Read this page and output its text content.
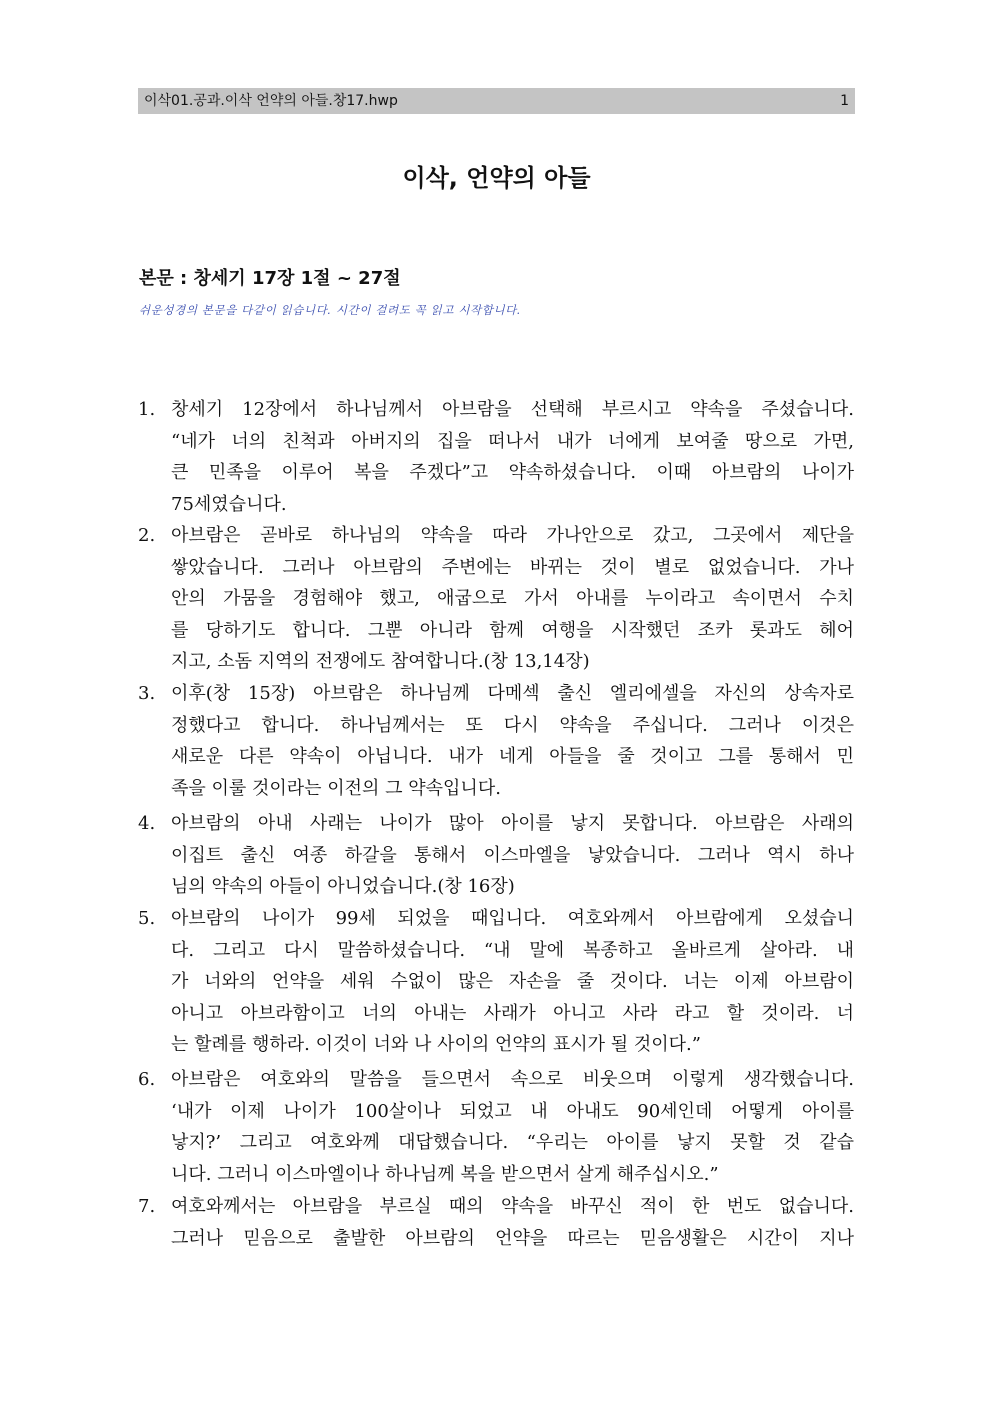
이삭01.공과.이삭 언약의 아들.창17.hwp	1
이삭, 언약의 아들
본문 : 창세기 17장 1절 ~ 27절
쉬운성경의 본문을 다같이 읽습니다. 시간이 걸려도 꼭 읽고 시작합니다.
1. 창세기 12장에서 하나님께서 아브람을 선택해 부르시고 약속을 주셨습니다.
“네가 너의 친척과 아버지의 집을 떠나서 내가 너에게 보여줄 땅으로 가면,
큰 민족을 이루어 복을 주겠다”고 약속하셨습니다. 이때 아브람의 나이가
75세였습니다.
2. 아브람은 곧바로 하나님의 약속을 따라 가나안으로 갔고, 그곳에서 제단을
쌓았습니다. 그러나 아브람의 주변에는 바뀌는 것이 별로 없었습니다. 가나
안의 가뭄을 경험해야 했고, 애굽으로 가서 아내를 누이라고 속이면서 수치
를 당하기도 합니다. 그뿐 아니라 함께 여행을 시작했던 조카 롯과도 헤어
지고, 소돔 지역의 전쟁에도 참여합니다.(창 13,14장)
3. 이후(창 15장) 아브람은 하나님께 다메섹 출신 엘리에셀을 자신의 상속자로
정했다고 합니다. 하나님께서는 또 다시 약속을 주십니다. 그러나 이것은
새로운 다른 약속이 아닙니다. 내가 네게 아들을 줄 것이고 그를 통해서 민
족을 이룰 것이라는 이전의 그 약속입니다.
4. 아브람의 아내 사래는 나이가 많아 아이를 낳지 못합니다. 아브람은 사래의
이집트 출신 여종 하갈을 통해서 이스마엘을 낳았습니다. 그러나 역시 하나
님의 약속의 아들이 아니었습니다.(창 16장)
5. 아브람의 나이가 99세 되었을 때입니다. 여호와께서 아브람에게 오셨습니
다. 그리고 다시 말씀하셨습니다. “내 말에 복종하고 올바르게 살아라. 내
가 너와의 언약을 세워 수없이 많은 자손을 줄 것이다. 너는 이제 아브람이
아니고 아브라함이고 너의 아내는 사래가 아니고 사라 라고 할 것이라. 너
는 할례를 행하라. 이것이 너와 나 사이의 언약의 표시가 될 것이다.”
6. 아브람은 여호와의 말씀을 들으면서 속으로 비웃으며 이렇게 생각했습니다.
‘내가 이제 나이가 100살이나 되었고 내 아내도 90세인데 어떻게 아이를
낳지?’ 그리고 여호와께 대답했습니다. “우리는 아이를 낳지 못할 것 같습
니다. 그러니 이스마엘이나 하나님께 복을 받으면서 살게 해주십시오.”
7. 여호와께서는 아브람을 부르실 때의 약속을 바꾸신 적이 한 번도 없습니다.
그러나 믿음으로 출발한 아브람의 언약을 따르는 믿음생활은 시간이 지나
